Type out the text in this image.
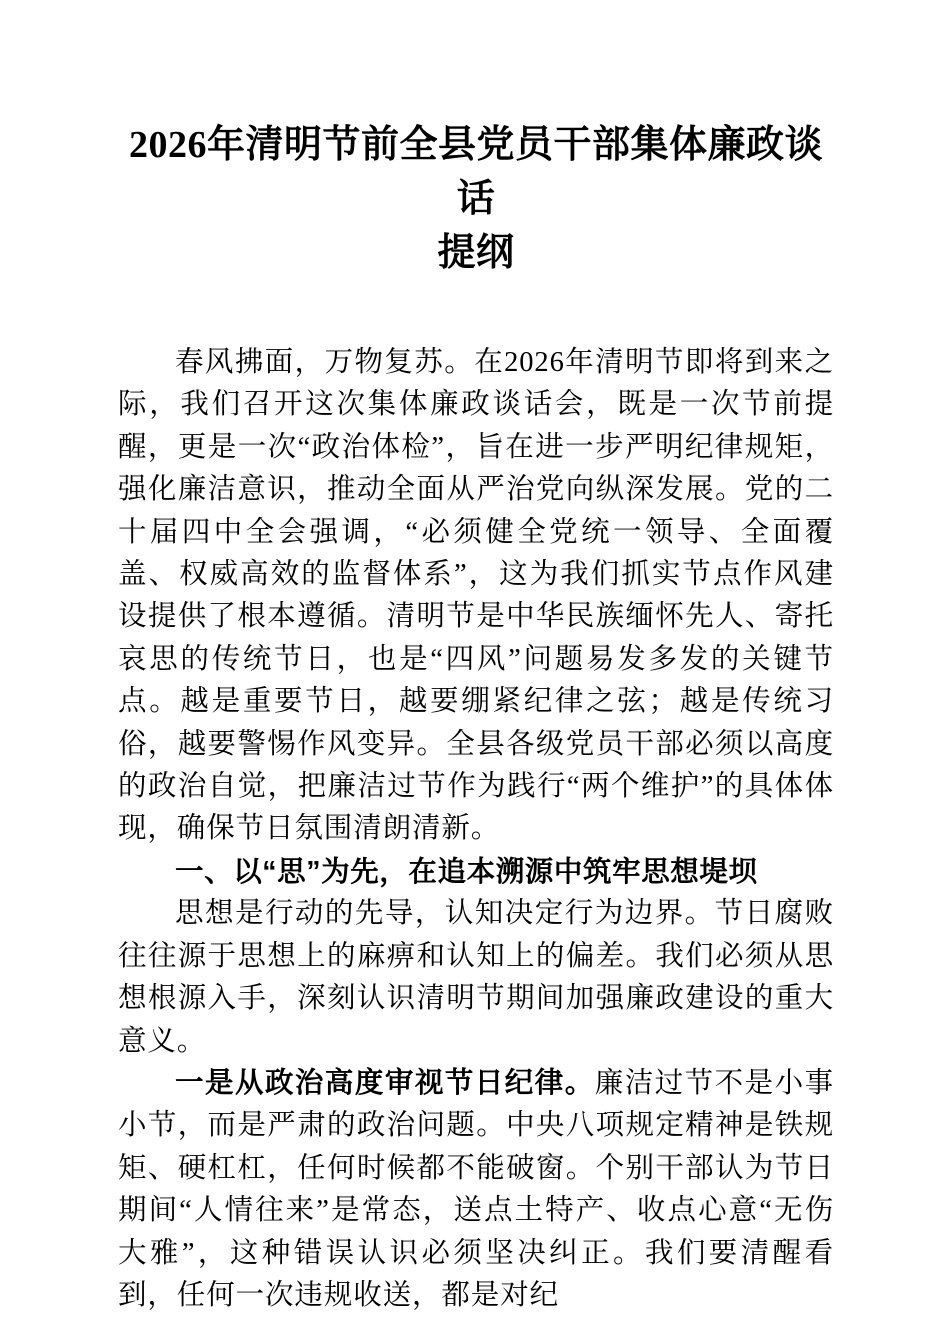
2026年清明节前全县党员干部集体廉政谈话
提纲

春风拂面，万物复苏。在2026年清明节即将到来之际，我们召开这次集体廉政谈话会，既是一次节前提醒，更是一次“政治体检”，旨在进一步严明纪律规矩，强化廉洁意识，推动全面从严治党向纵深发展。党的二十届四中全会强调，“必须健全党统一领导、全面覆盖、权威高效的监督体系”，这为我们抓实节点作风建设提供了根本遵循。清明节是中华民族缅怀先人、寄托哀思的传统节日，也是“四风”问题易发多发的关键节点。越是重要节日，越要绷紧纪律之弦；越是传统习俗，越要警惕作风变异。全县各级党员干部必须以高度的政治自觉，把廉洁过节作为践行“两个维护”的具体体现，确保节日氛围清朗清新。

一、以“思”为先，在追本溯源中筑牢思想堤坝

思想是行动的先导，认知决定行为边界。节日腐败往往源于思想上的麻痹和认知上的偏差。我们必须从思想根源入手，深刻认识清明节期间加强廉政建设的重大意义。

一是从政治高度审视节日纪律。廉洁过节不是小事小节，而是严肃的政治问题。中央八项规定精神是铁规矩、硬杠杠，任何时候都不能破窗。个别干部认为节日期间“人情往来”是常态，送点土特产、收点心意“无伤大雅”，这种错误认识必须坚决纠正。我们要清醒看到，任何一次违规收送，都是对纪
